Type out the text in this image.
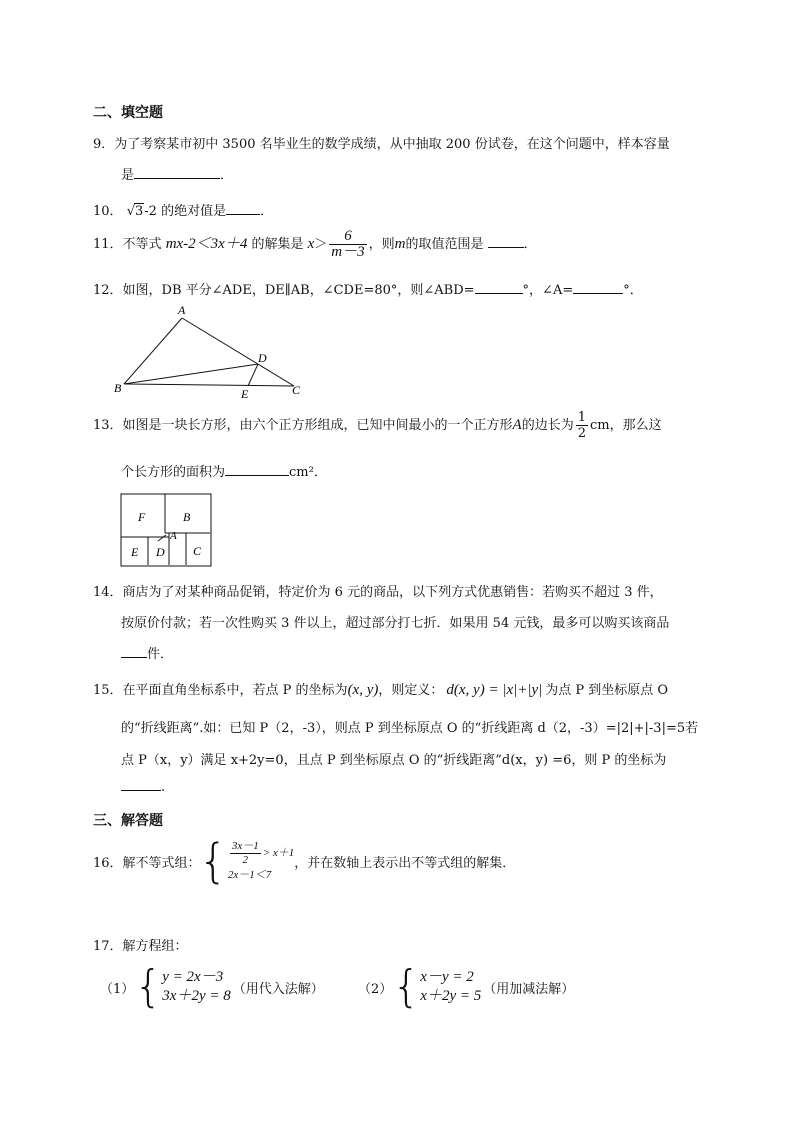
二、填空题
9．为了考察某市初中 3500 名毕业生的数学成绩，从中抽取 200 份试卷，在这个问题中，样本容量
是	．
10． √3-2 的绝对值是	．
11．不等式 mx-2＜3x＋4 的解集是 $x> \frac{6}{m-3}$ ，则m的取值范围是	．
12．如图，DB 平分∠ADE，DE∥AB，∠CDE=80°，则∠ABD=	°，∠A=	°．
A
B	C
D
E
13．如图是一块长方形，由六个正方形组成，已知中间最小的一个正方形A的边长为 $\frac{1}{2}$ cm，那么这
个长方形的面积为	cm²．
F	B
A
E D C
14．商店为了对某种商品促销，特定价为 6 元的商品，以下列方式优惠销售：若购买不超过 3 件，
按原价付款；若一次性购买 3 件以上，超过部分打七折．如果用 54 元钱，最多可以购买该商品
件．
15．在平面直角坐标系中，若点 P 的坐标为(x, y)，则定义： d(x, y) = |x|+|y| 为点 P 到坐标原点 O
的“折线距离”.如：已知 P（2，-3），则点 P 到坐标原点 O 的“折线距离 d（2，-3）=|2|+|-3|=5若
点 P（x，y）满足 x+2y=0，且点 P 到坐标原点 O 的“折线距离”d(x，y) =6，则 P 的坐标为
.
三、解答题
16．解不等式组：
{ $\frac{3x-1}{2} > x+1$
2x－1＜7
，并在数轴上表示出不等式组的解集．
17．解方程组：
（1） { y = 2x－3
3x＋2y = 8 （用代入法解）	（2） { x－y = 2
x＋2y = 5 （用加减法解）
